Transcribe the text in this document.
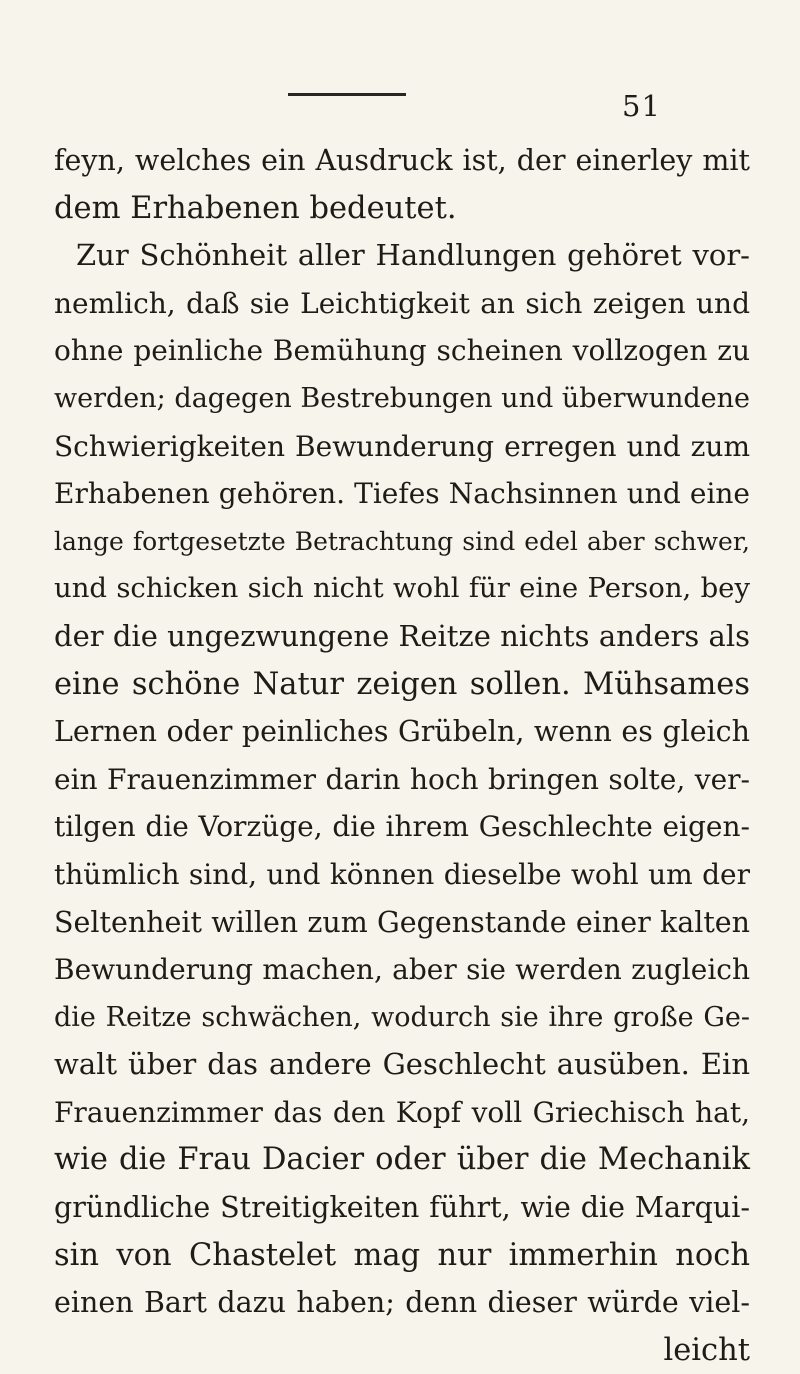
51
feyn, welches ein Ausdruck ist, der einerley mit
dem Erhabenen bedeutet.
Zur Schönheit aller Handlungen gehöret vor-
nemlich, daß sie Leichtigkeit an sich zeigen und
ohne peinliche Bemühung scheinen vollzogen zu
werden; dagegen Bestrebungen und überwundene
Schwierigkeiten Bewunderung erregen und zum
Erhabenen gehören. Tiefes Nachsinnen und eine
lange fortgesetzte Betrachtung sind edel aber schwer,
und schicken sich nicht wohl für eine Person, bey
der die ungezwungene Reitze nichts anders als
eine schöne Natur zeigen sollen. Mühsames
Lernen oder peinliches Grübeln, wenn es gleich
ein Frauenzimmer darin hoch bringen solte, ver-
tilgen die Vorzüge, die ihrem Geschlechte eigen-
thümlich sind, und können dieselbe wohl um der
Seltenheit willen zum Gegenstande einer kalten
Bewunderung machen, aber sie werden zugleich
die Reitze schwächen, wodurch sie ihre große Ge-
walt über das andere Geschlecht ausüben. Ein
Frauenzimmer das den Kopf voll Griechisch hat,
wie die Frau Dacier oder über die Mechanik
gründliche Streitigkeiten führt, wie die Marqui-
sin von Chastelet mag nur immerhin noch
einen Bart dazu haben; denn dieser würde viel-
leicht
